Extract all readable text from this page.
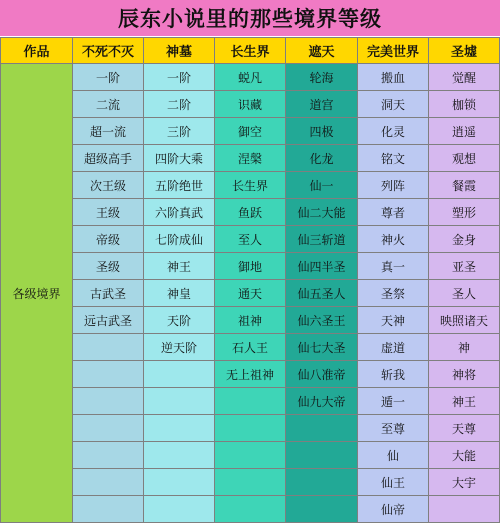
辰东小说里的那些境界等级
作品	不死不灭	神墓	长生界	遮天	完美世界	圣墟
各级境界	一阶	一阶	蜕凡	轮海	搬血	觉醒
	二流	二阶	识藏	道宫	洞天	枷锁
	超一流	三阶	御空	四极	化灵	逍遥
	超级高手	四阶大乘	涅槃	化龙	铭文	观想
	次王级	五阶绝世	长生界	仙一	列阵	餐霞
	王级	六阶真武	鱼跃	仙二大能	尊者	塑形
	帝级	七阶成仙	至人	仙三斩道	神火	金身
	圣级	神王	御地	仙四半圣	真一	亚圣
	古武圣	神皇	通天	仙五圣人	圣祭	圣人
	远古武圣	天阶	祖神	仙六圣王	天神	映照诸天
		逆天阶	石人王	仙七大圣	虚道	神
			无上祖神	仙八准帝	斩我	神将
				仙九大帝	遁一	神王
					至尊	天尊
					仙	大能
					仙王	大宇
					仙帝	
